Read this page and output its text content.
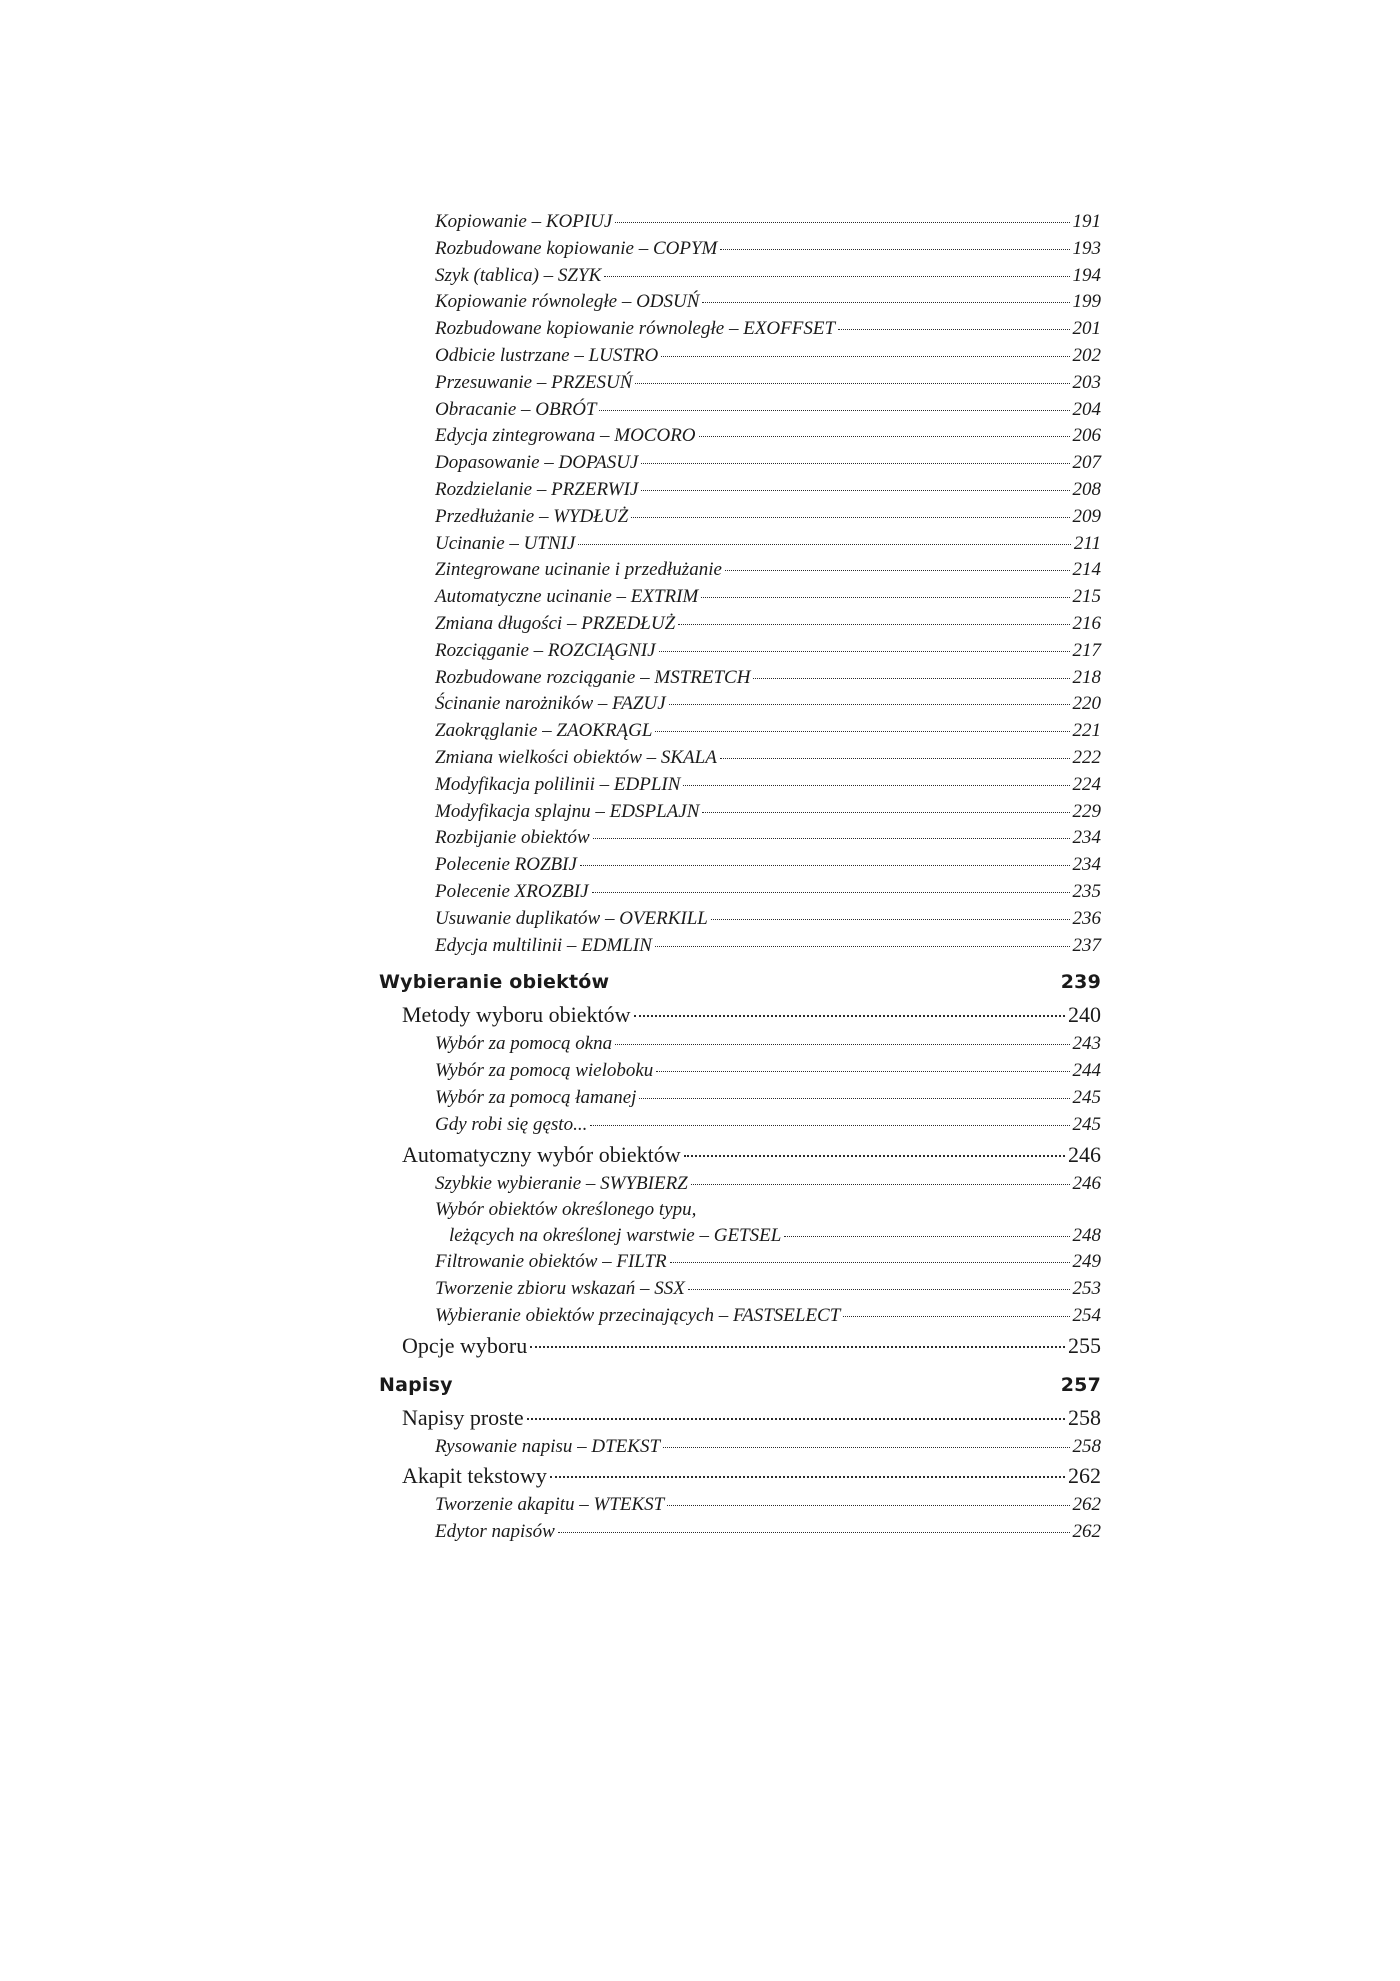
Kopiowanie – KOPIUJ	191
Rozbudowane kopiowanie – COPYM	193
Szyk (tablica) – SZYK	194
Kopiowanie równoległe – ODSUŃ	199
Rozbudowane kopiowanie równoległe – EXOFFSET	201
Odbicie lustrzane – LUSTRO	202
Przesuwanie – PRZESUŃ	203
Obracanie – OBRÓT	204
Edycja zintegrowana – MOCORO	206
Dopasowanie – DOPASUJ	207
Rozdzielanie – PRZERWIJ	208
Przedłużanie – WYDŁUŻ	209
Ucinanie – UTNIJ	211
Zintegrowane ucinanie i przedłużanie	214
Automatyczne ucinanie – EXTRIM	215
Zmiana długości – PRZEDŁUŻ	216
Rozciąganie – ROZCIĄGNIJ	217
Rozbudowane rozciąganie – MSTRETCH	218
Ścinanie narożników – FAZUJ	220
Zaokrąglanie – ZAOKRĄGL	221
Zmiana wielkości obiektów – SKALA	222
Modyfikacja polilinii – EDPLIN	224
Modyfikacja splajnu – EDSPLAJN	229
Rozbijanie obiektów	234
Polecenie ROZBIJ	234
Polecenie XROZBIJ	235
Usuwanie duplikatów – OVERKILL	236
Edycja multilinii – EDMLIN	237
Wybieranie obiektów	239
Metody wyboru obiektów	240
Wybór za pomocą okna	243
Wybór za pomocą wieloboku	244
Wybór za pomocą łamanej	245
Gdy robi się gęsto...	245
Automatyczny wybór obiektów	246
Szybkie wybieranie – SWYBIERZ	246
Wybór obiektów określonego typu,
leżących na określonej warstwie – GETSEL	248
Filtrowanie obiektów – FILTR	249
Tworzenie zbioru wskazań – SSX	253
Wybieranie obiektów przecinających – FASTSELECT	254
Opcje wyboru	255
Napisy	257
Napisy proste	258
Rysowanie napisu – DTEKST	258
Akapit tekstowy	262
Tworzenie akapitu – WTEKST	262
Edytor napisów	262
